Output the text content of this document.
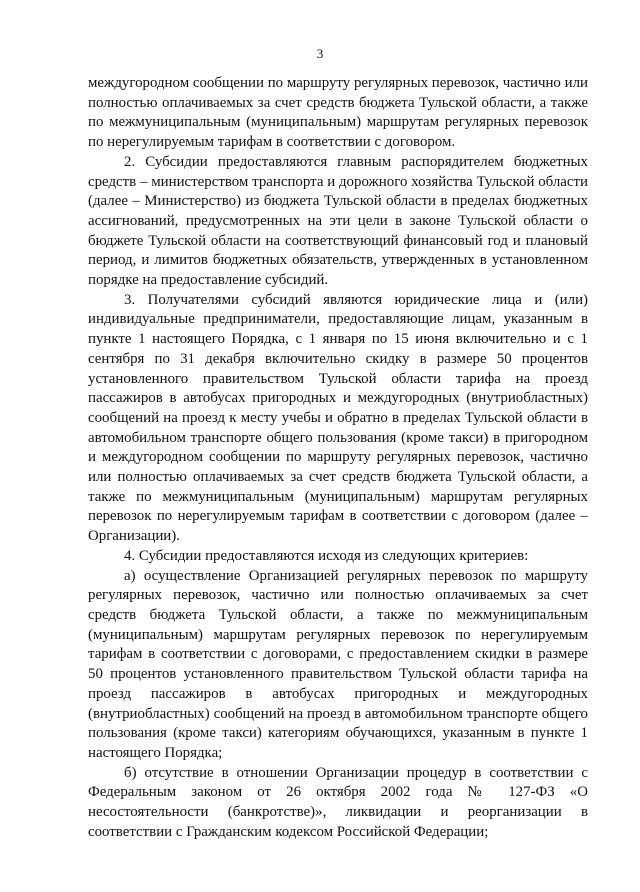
3

междугородном сообщении по маршруту регулярных перевозок, частично или полностью оплачиваемых за счет средств бюджета Тульской области, а также по межмуниципальным (муниципальным) маршрутам регулярных перевозок по нерегулируемым тарифам в соответствии с договором.

2. Субсидии предоставляются главным распорядителем бюджетных средств – министерством транспорта и дорожного хозяйства Тульской области (далее – Министерство) из бюджета Тульской области в пределах бюджетных ассигнований, предусмотренных на эти цели в законе Тульской области о бюджете Тульской области на соответствующий финансовый год и плановый период, и лимитов бюджетных обязательств, утвержденных в установленном порядке на предоставление субсидий.

3. Получателями субсидий являются юридические лица и (или) индивидуальные предприниматели, предоставляющие лицам, указанным в пункте 1 настоящего Порядка, с 1 января по 15 июня включительно и с 1 сентября по 31 декабря включительно скидку в размере 50 процентов установленного правительством Тульской области тарифа на проезд пассажиров в автобусах пригородных и междугородных (внутриобластных) сообщений на проезд к месту учебы и обратно в пределах Тульской области в автомобильном транспорте общего пользования (кроме такси) в пригородном и междугородном сообщении по маршруту регулярных перевозок, частично или полностью оплачиваемых за счет средств бюджета Тульской области, а также по межмуниципальным (муниципальным) маршрутам регулярных перевозок по нерегулируемым тарифам в соответствии с договором (далее – Организации).

4. Субсидии предоставляются исходя из следующих критериев:

а) осуществление Организацией регулярных перевозок по маршруту регулярных перевозок, частично или полностью оплачиваемых за счет средств бюджета Тульской области, а также по межмуниципальным (муниципальным) маршрутам регулярных перевозок по нерегулируемым тарифам в соответствии с договорами, с предоставлением скидки в размере 50 процентов установленного правительством Тульской области тарифа на проезд пассажиров в автобусах пригородных и междугородных (внутриобластных) сообщений на проезд в автомобильном транспорте общего пользования (кроме такси) категориям обучающихся, указанным в пункте 1 настоящего Порядка;

б) отсутствие в отношении Организации процедур в соответствии с Федеральным законом от 26 октября 2002 года № 127-ФЗ «О несостоятельности (банкротстве)», ликвидации и реорганизации в соответствии с Гражданским кодексом Российской Федерации;
